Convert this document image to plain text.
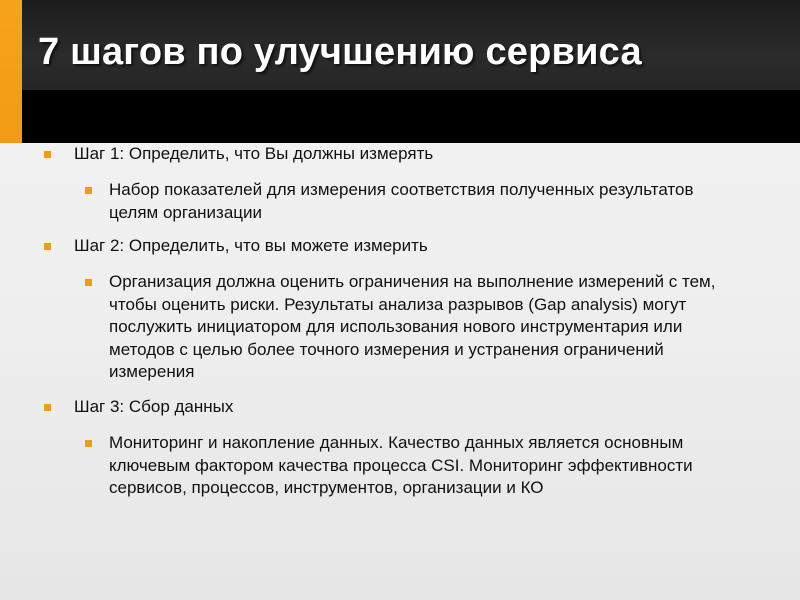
7 шагов по улучшению сервиса
Шаг 1: Определить, что Вы должны измерять
Набор показателей для измерения соответствия полученных результатов целям организации
Шаг 2: Определить, что вы можете измерить
Организация должна оценить ограничения на выполнение измерений с тем, чтобы оценить риски. Результаты анализа разрывов (Gap analysis) могут послужить инициатором для использования нового инструментария или методов с целью более точного измерения и устранения ограничений измерения
Шаг 3: Сбор данных
Мониторинг и накопление данных. Качество данных является основным ключевым фактором качества процесса CSI. Мониторинг эффективности сервисов, процессов, инструментов, организации и КО
